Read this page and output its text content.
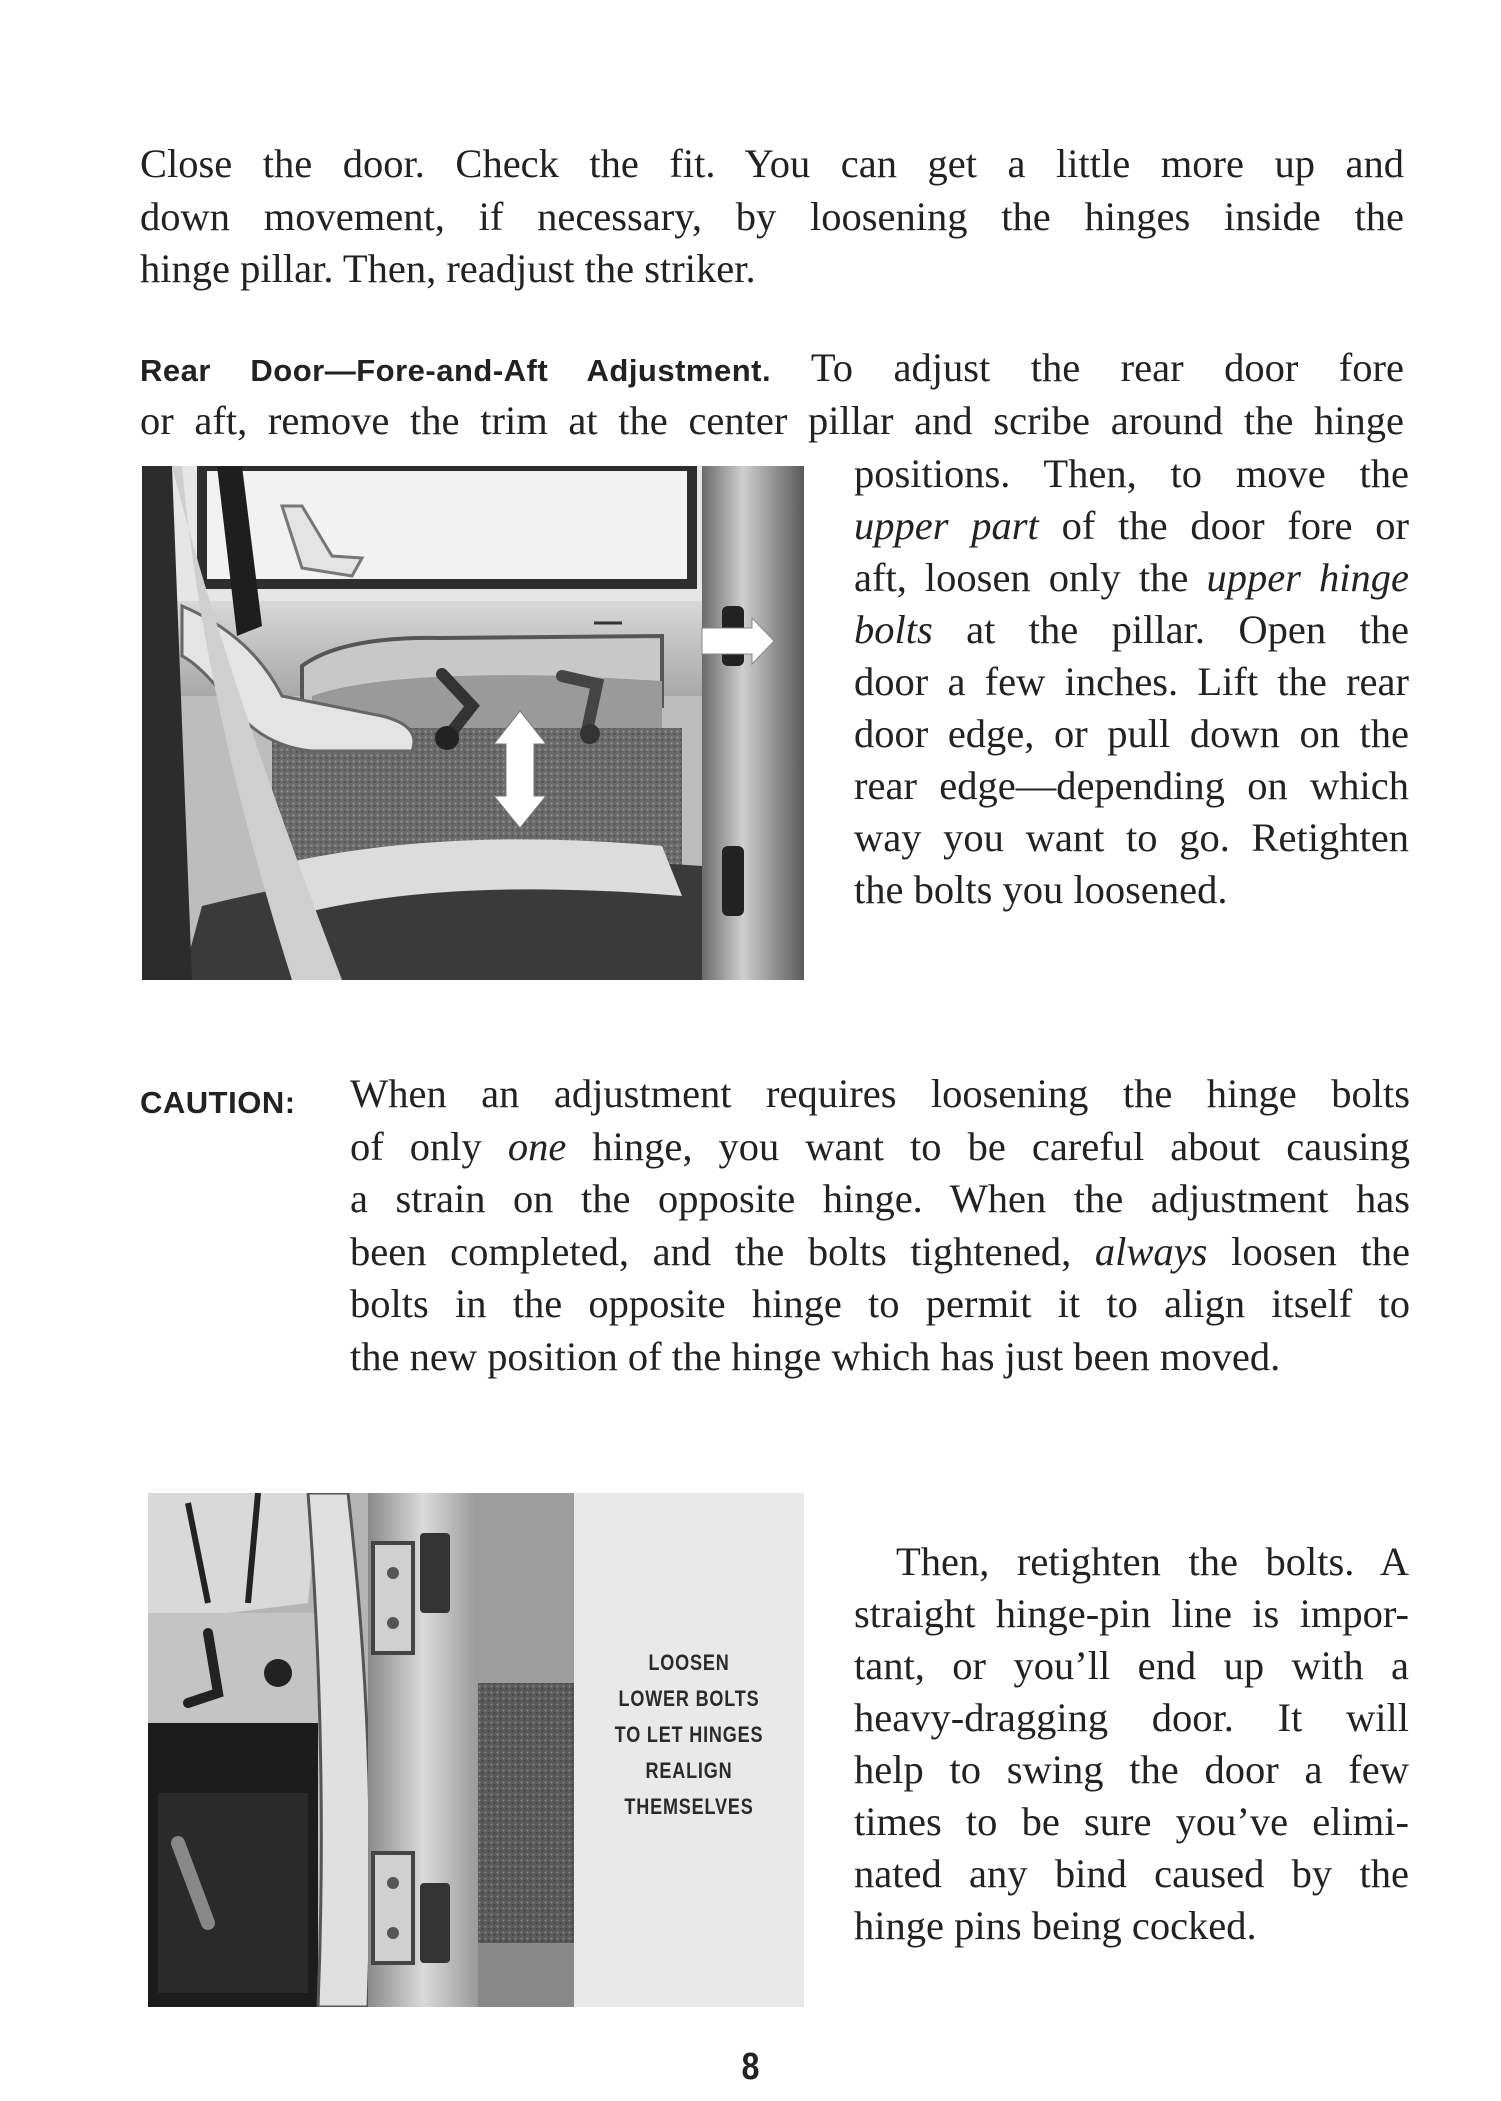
Close the door. Check the fit. You can get a little more up and
down movement, if necessary, by loosening the hinges inside the
hinge pillar. Then, readjust the striker.
Rear Door—Fore-and-Aft Adjustment. To adjust the rear door fore
or aft, remove the trim at the center pillar and scribe around the hinge
positions. Then, to move the
upper part of the door fore or
aft, loosen only the upper hinge
bolts at the pillar. Open the
door a few inches. Lift the rear
door edge, or pull down on the
rear edge—depending on which
way you want to go. Retighten
the bolts you loosened.
CAUTION: When an adjustment requires loosening the hinge bolts
of only one hinge, you want to be careful about causing
a strain on the opposite hinge. When the adjustment has
been completed, and the bolts tightened, always loosen the
bolts in the opposite hinge to permit it to align itself to
the new position of the hinge which has just been moved.
LOOSEN
LOWER BOLTS
TO LET HINGES
REALIGN
THEMSELVES
Then, retighten the bolts. A
straight hinge-pin line is impor-
tant, or you’ll end up with a
heavy-dragging door. It will
help to swing the door a few
times to be sure you’ve elimi-
nated any bind caused by the
hinge pins being cocked.
8
